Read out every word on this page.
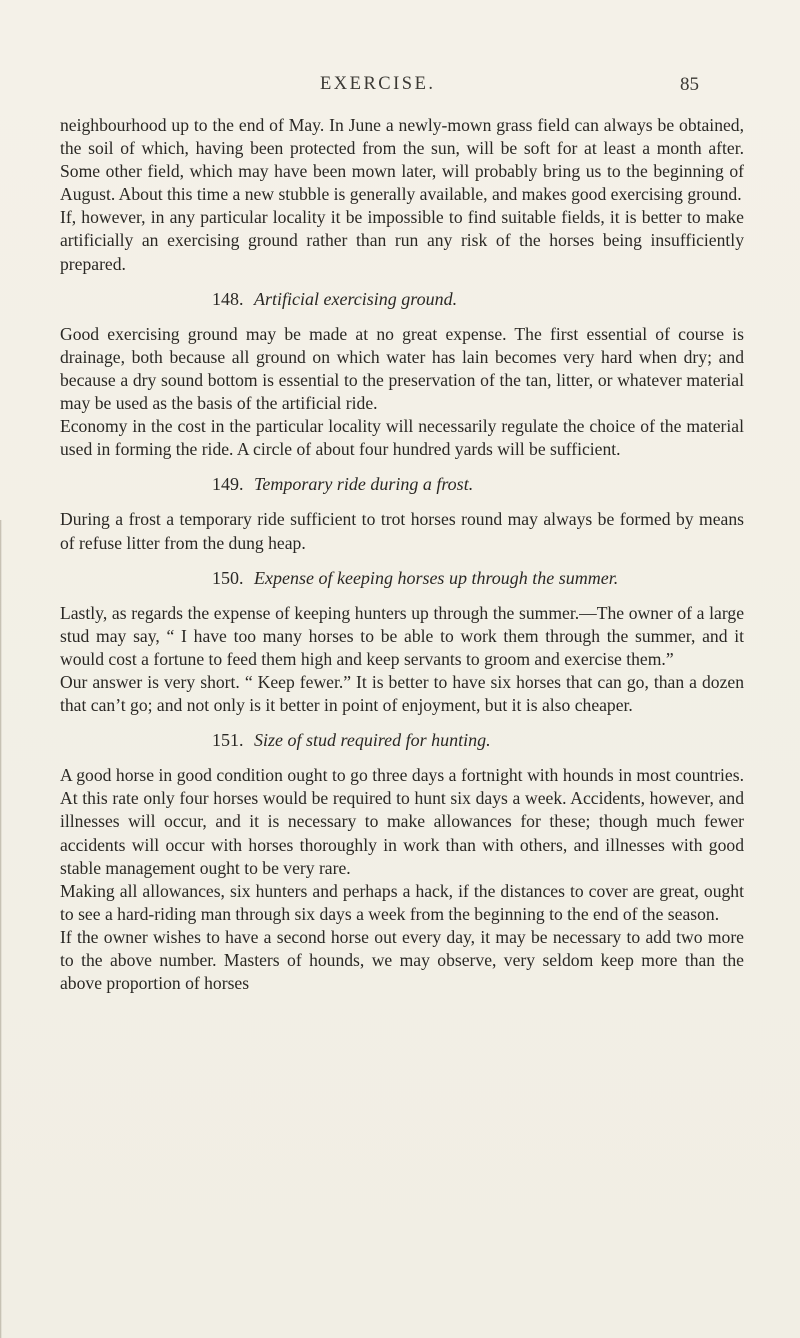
EXERCISE.	85

neighbourhood up to the end of May. In June a newly-mown grass field can always be obtained, the soil of which, having been protected from the sun, will be soft for at least a month after. Some other field, which may have been mown later, will probably bring us to the beginning of August. About this time a new stubble is generally available, and makes good exercising ground.

If, however, in any particular locality it be impossible to find suitable fields, it is better to make artificially an exercising ground rather than run any risk of the horses being insufficiently prepared.

148. Artificial exercising ground.

Good exercising ground may be made at no great expense. The first essential of course is drainage, both because all ground on which water has lain becomes very hard when dry; and because a dry sound bottom is essential to the preservation of the tan, litter, or whatever material may be used as the basis of the artificial ride.

Economy in the cost in the particular locality will necessarily regulate the choice of the material used in forming the ride. A circle of about four hundred yards will be sufficient.

149. Temporary ride during a frost.

During a frost a temporary ride sufficient to trot horses round may always be formed by means of refuse litter from the dung heap.

150. Expense of keeping horses up through the summer.

Lastly, as regards the expense of keeping hunters up through the summer.—The owner of a large stud may say, “ I have too many horses to be able to work them through the summer, and it would cost a fortune to feed them high and keep servants to groom and exercise them.”

Our answer is very short. “ Keep fewer.” It is better to have six horses that can go, than a dozen that can’t go; and not only is it better in point of enjoyment, but it is also cheaper.

151. Size of stud required for hunting.

A good horse in good condition ought to go three days a fortnight with hounds in most countries. At this rate only four horses would be required to hunt six days a week. Accidents, however, and illnesses will occur, and it is necessary to make allowances for these; though much fewer accidents will occur with horses thoroughly in work than with others, and illnesses with good stable management ought to be very rare.

Making all allowances, six hunters and perhaps a hack, if the distances to cover are great, ought to see a hard-riding man through six days a week from the beginning to the end of the season.

If the owner wishes to have a second horse out every day, it may be necessary to add two more to the above number. Masters of hounds, we may observe, very seldom keep more than the above proportion of horses
